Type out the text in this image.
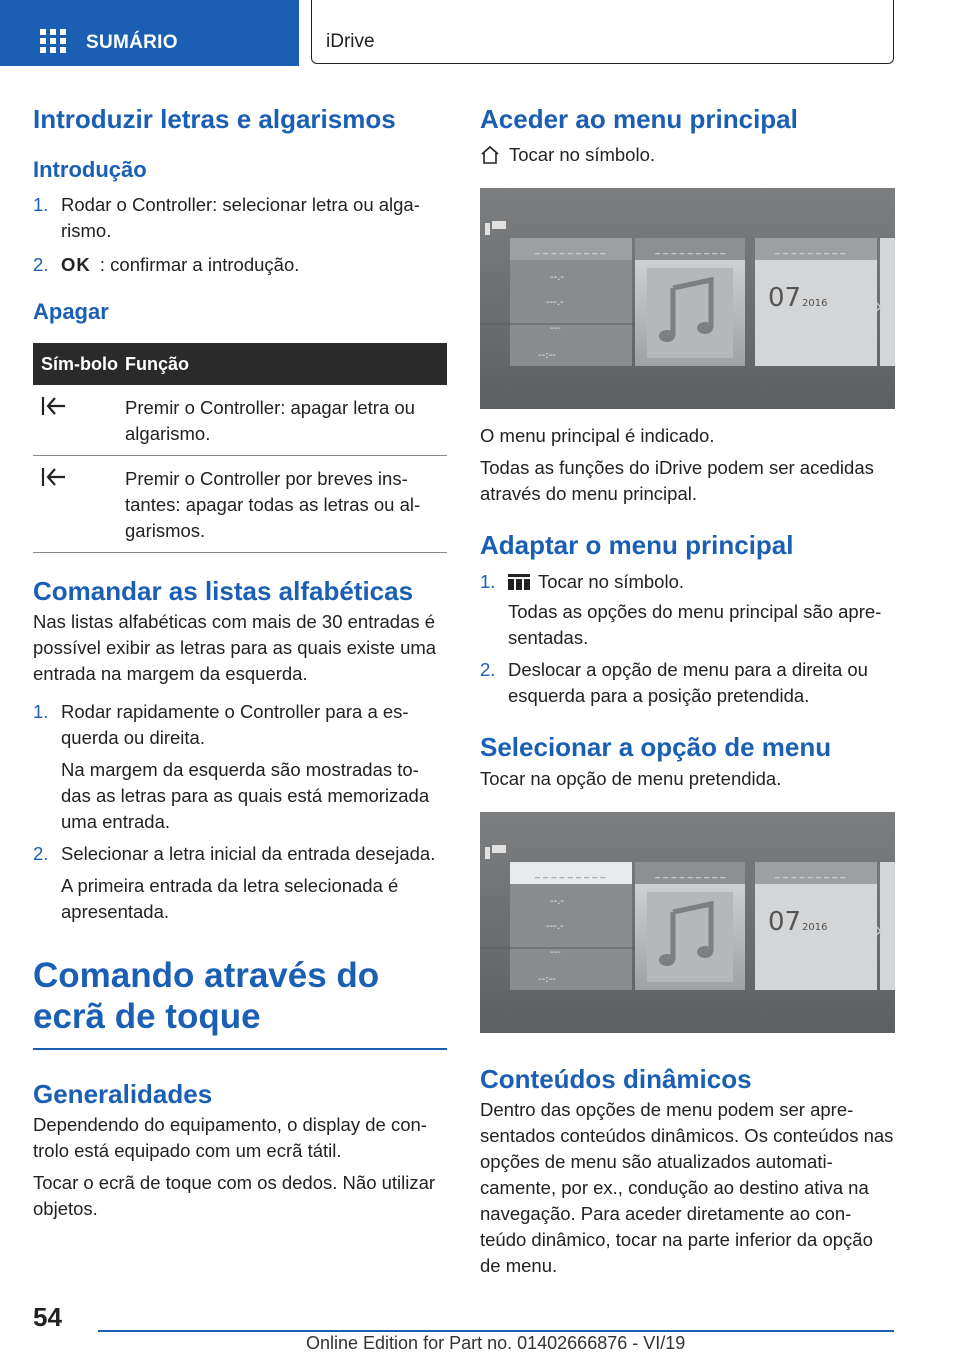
SUMÁRIO	iDrive
Introduzir letras e algarismos
Introdução
1. Rodar o Controller: selecionar letra ou alga-rismo.
2. OK : confirmar a introdução.
Apagar
Sím-bolo Função
Premir o Controller: apagar letra ou algarismo.
Premir o Controller por breves ins-tantes: apagar todas as letras ou al-garismos.
Comandar as listas alfabéticas

Nas listas alfabéticas com mais de 30 entradas é possível exibir as letras para as quais existe uma entrada na margem da esquerda.

1. Rodar rapidamente o Controller para a es-querda ou direita.
Na margem da esquerda são mostradas to-das as letras para as quais está memorizada uma entrada.
2. Selecionar a letra inicial da entrada desejada.
A primeira entrada da letra selecionada é apresentada.
Comando através do ecrã de toque
Generalidades

Dependendo do equipamento, o display de con-trolo está equipado com um ecrã tátil.

Tocar o ecrã de toque com os dedos. Não utilizar objetos.

Aceder ao menu principal
Tocar no símbolo.
_ _ _ _ _ _ _ _ _	_ _ _ _ _ _ _ _ _	_ _ _ _ _ _ _ _ _
--.-
---.-
---
--:--
07 2016 ›

O menu principal é indicado.

Todas as funções do iDrive podem ser acedidas através do menu principal.

Adaptar o menu principal
1. Tocar no símbolo.
Todas as opções do menu principal são apre-sentadas.
2. Deslocar a opção de menu para a direita ou esquerda para a posição pretendida.
Selecionar a opção de menu

Tocar na opção de menu pretendida.

_ _ _ _ _ _ _ _ _	_ _ _ _ _ _ _ _ _	_ _ _ _ _ _ _ _ _
--.-
---.-
---
--:--
07 2016 ›
Conteúdos dinâmicos

Dentro das opções de menu podem ser apre-sentados conteúdos dinâmicos. Os conteúdos nas opções de menu são atualizados automati-camente, por ex., condução ao destino ativa na navegação. Para aceder diretamente ao con-teúdo dinâmico, tocar na parte inferior da opção de menu.

54
Online Edition for Part no. 01402666876 - VI/19
